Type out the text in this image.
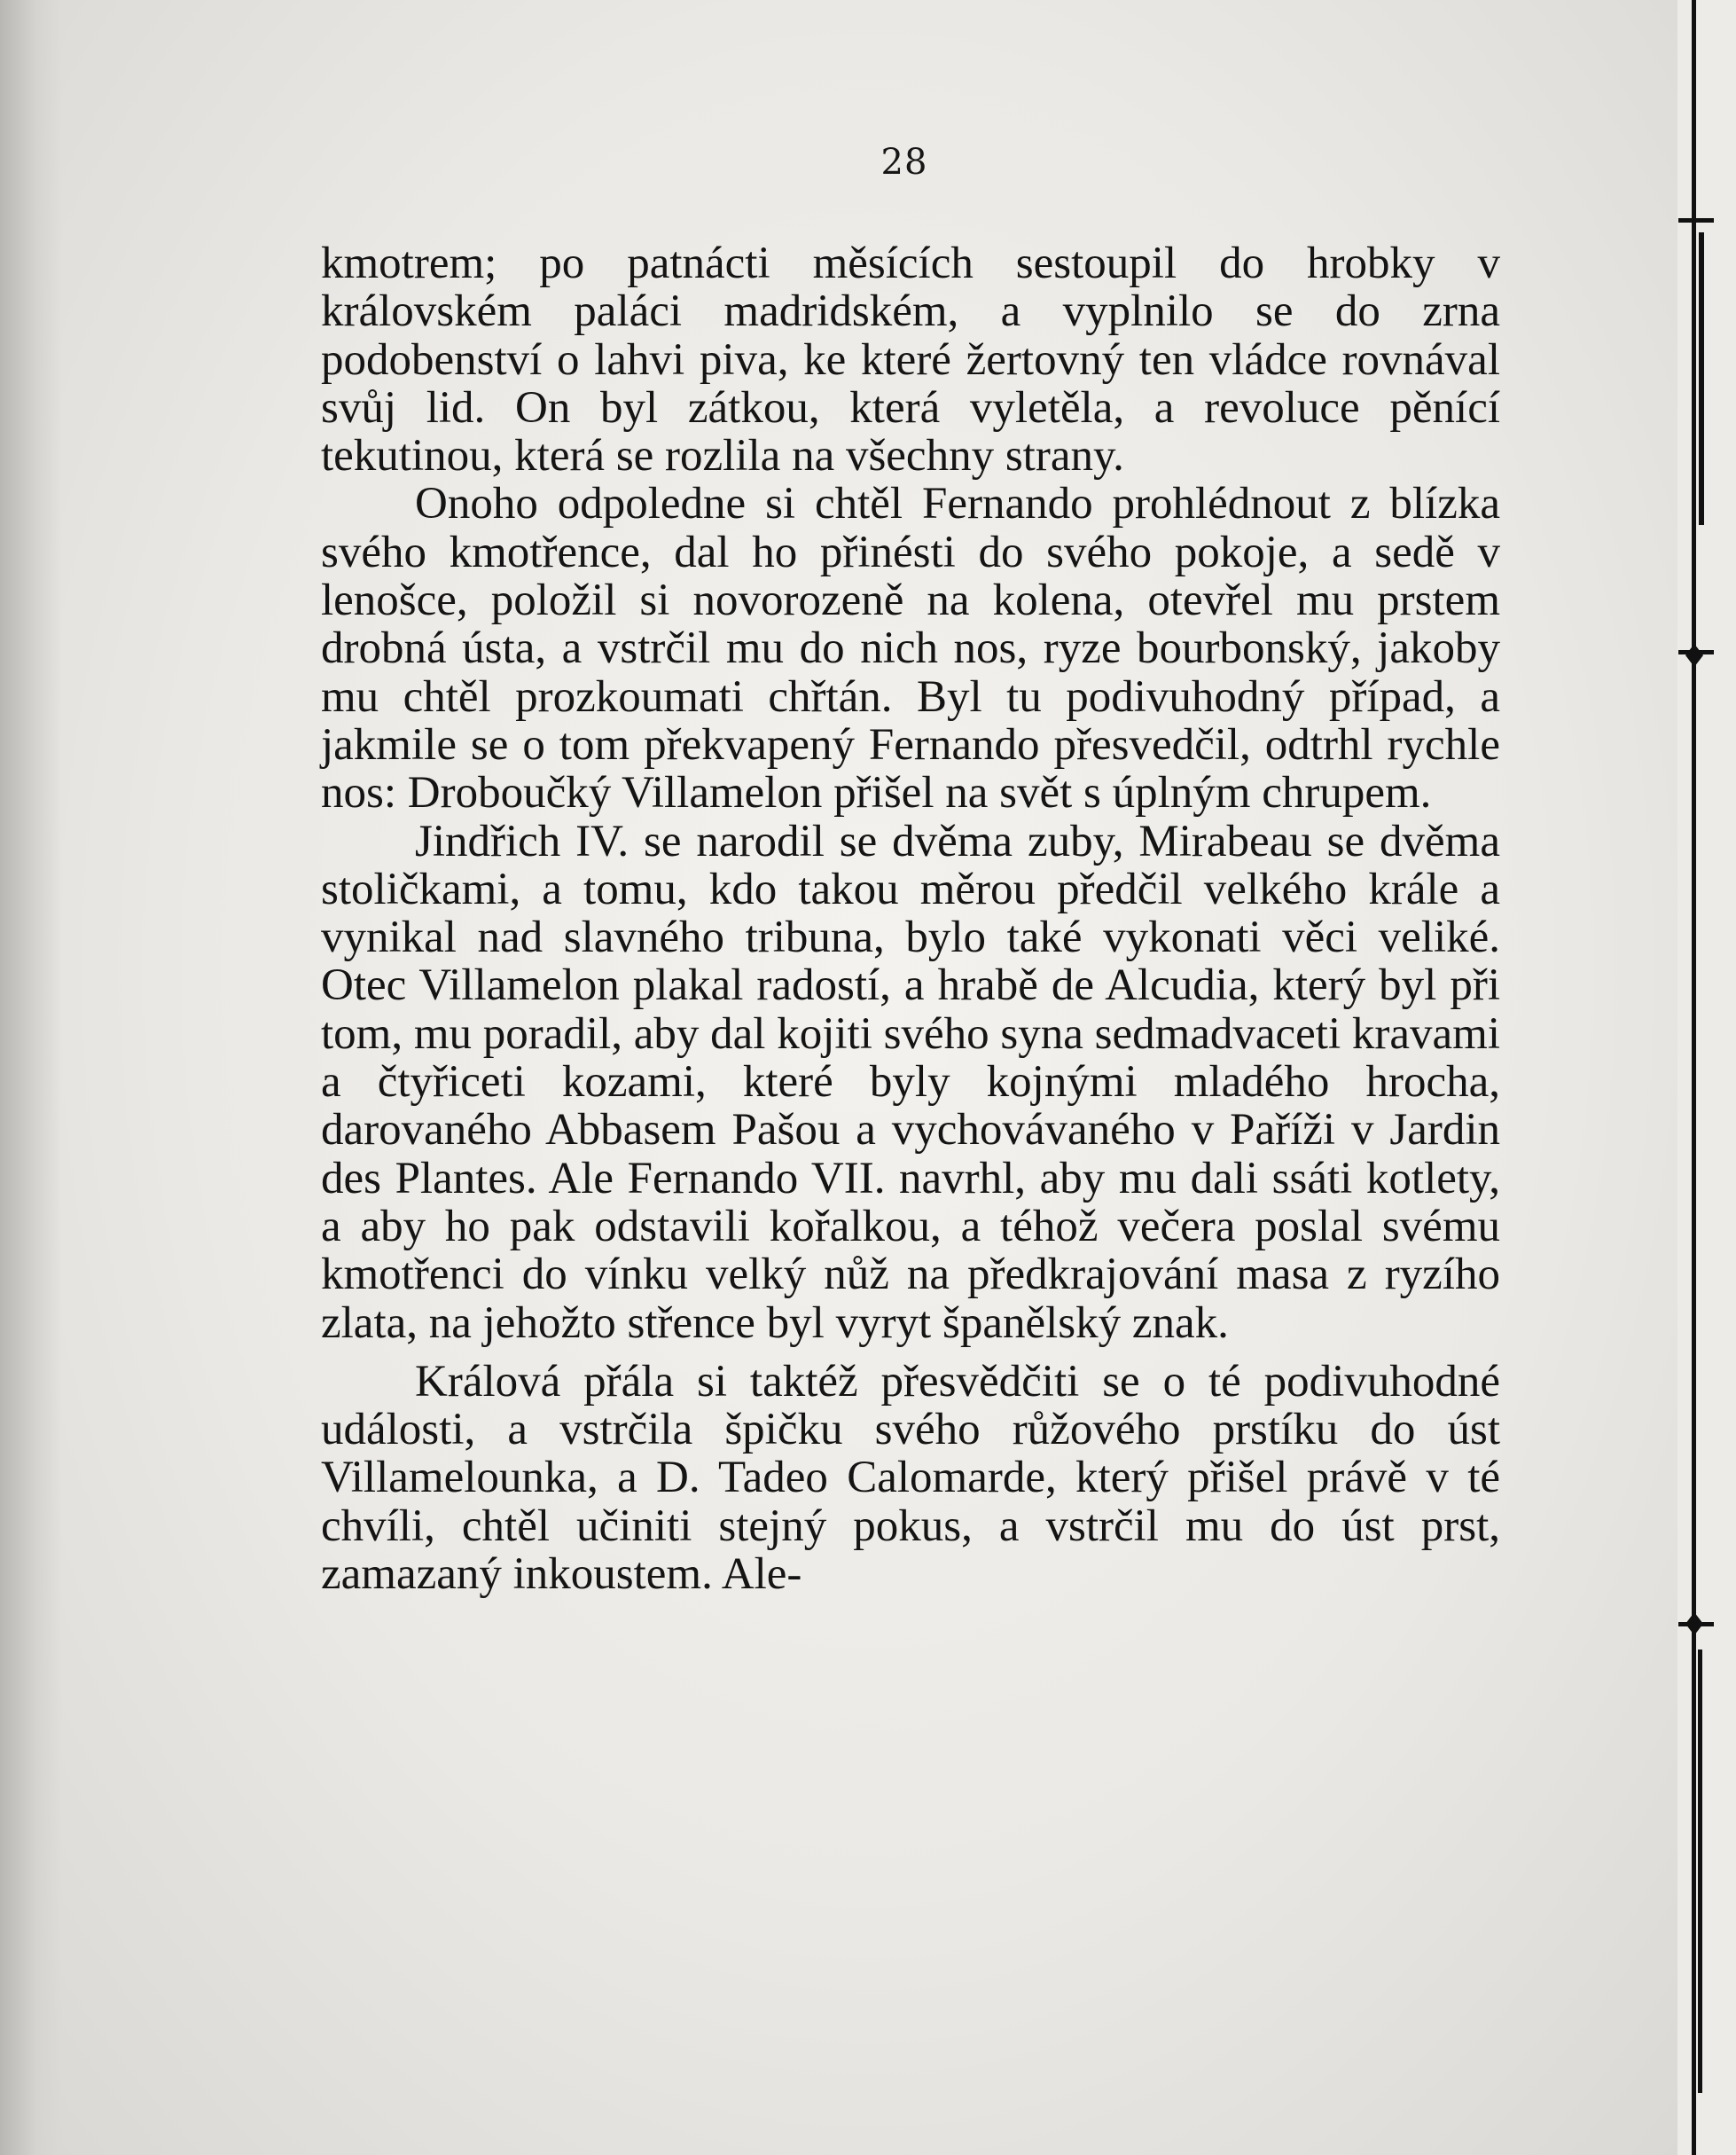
28

kmotrem; po patnácti měsících sestoupil do hrobky v královském paláci madridském, a vyplnilo se do zrna podobenství o lahvi piva, ke které žertovný ten vládce rovnával svůj lid. On byl zátkou, která vyletěla, a revoluce pěnící tekutinou, která se rozlila na všechny strany.

Onoho odpoledne si chtěl Fernando prohlédnout z blízka svého kmotřence, dal ho přinésti do svého pokoje, a sedě v lenošce, položil si novorozeně na kolena, otevřel mu prstem drobná ústa, a vstrčil mu do nich nos, ryze bourbonský, jakoby mu chtěl prozkoumati chřtán. Byl tu podivuhodný případ, a jakmile se o tom překvapený Fernando přesvedčil, odtrhl rychle nos: Droboučký Villamelon přišel na svět s úplným chrupem.

Jindřich IV. se narodil se dvěma zuby, Mirabeau se dvěma stoličkami, a tomu, kdo takou měrou předčil velkého krále a vynikal nad slavného tribuna, bylo také vykonati věci veliké. Otec Villamelon plakal radostí, a hrabě de Alcudia, který byl při tom, mu poradil, aby dal kojiti svého syna sedmadvaceti kravami a čtyřiceti kozami, které byly kojnými mladého hrocha, darovaného Abbasem Pašou a vychovávaného v Paříži v Jardin des Plantes. Ale Fernando VII. navrhl, aby mu dali ssáti kotlety, a aby ho pak odstavili kořalkou, a téhož večera poslal svému kmotřenci do vínku velký nůž na předkrajování masa z ryzího zlata, na jehožto střence byl vyryt španělský znak.

Králová přála si taktéž přesvědčiti se o té podivuhodné události, a vstrčila špičku svého růžového prstíku do úst Villamelounka, a D. Tadeo Calomarde, který přišel právě v té chvíli, chtěl učiniti stejný pokus, a vstrčil mu do úst prst, zamazaný inkoustem. Ale-
